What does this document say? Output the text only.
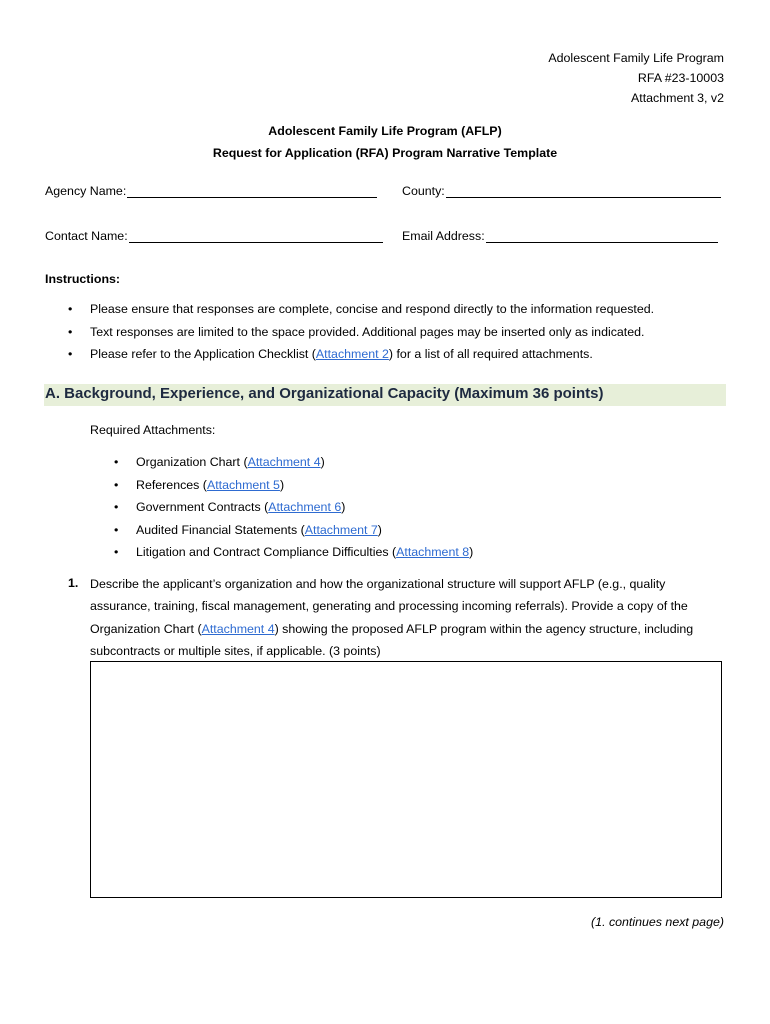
Adolescent Family Life Program
RFA #23-10003
Attachment 3, v2
Adolescent Family Life Program (AFLP)
Request for Application (RFA) Program Narrative Template
Agency Name:	County:
Contact Name:	Email Address:
Instructions:
• Please ensure that responses are complete, concise and respond directly to the information requested.
• Text responses are limited to the space provided. Additional pages may be inserted only as indicated.
• Please refer to the Application Checklist (Attachment 2) for a list of all required attachments.
A. Background, Experience, and Organizational Capacity (Maximum 36 points)
Required Attachments:
• Organization Chart (Attachment 4)
• References (Attachment 5)
• Government Contracts (Attachment 6)
• Audited Financial Statements (Attachment 7)
• Litigation and Contract Compliance Difficulties (Attachment 8)
1. Describe the applicant’s organization and how the organizational structure will support AFLP (e.g., quality assurance, training, fiscal management, generating and processing incoming referrals). Provide a copy of the Organization Chart (Attachment 4) showing the proposed AFLP program within the agency structure, including subcontracts or multiple sites, if applicable. (3 points)
(1. continues next page)
